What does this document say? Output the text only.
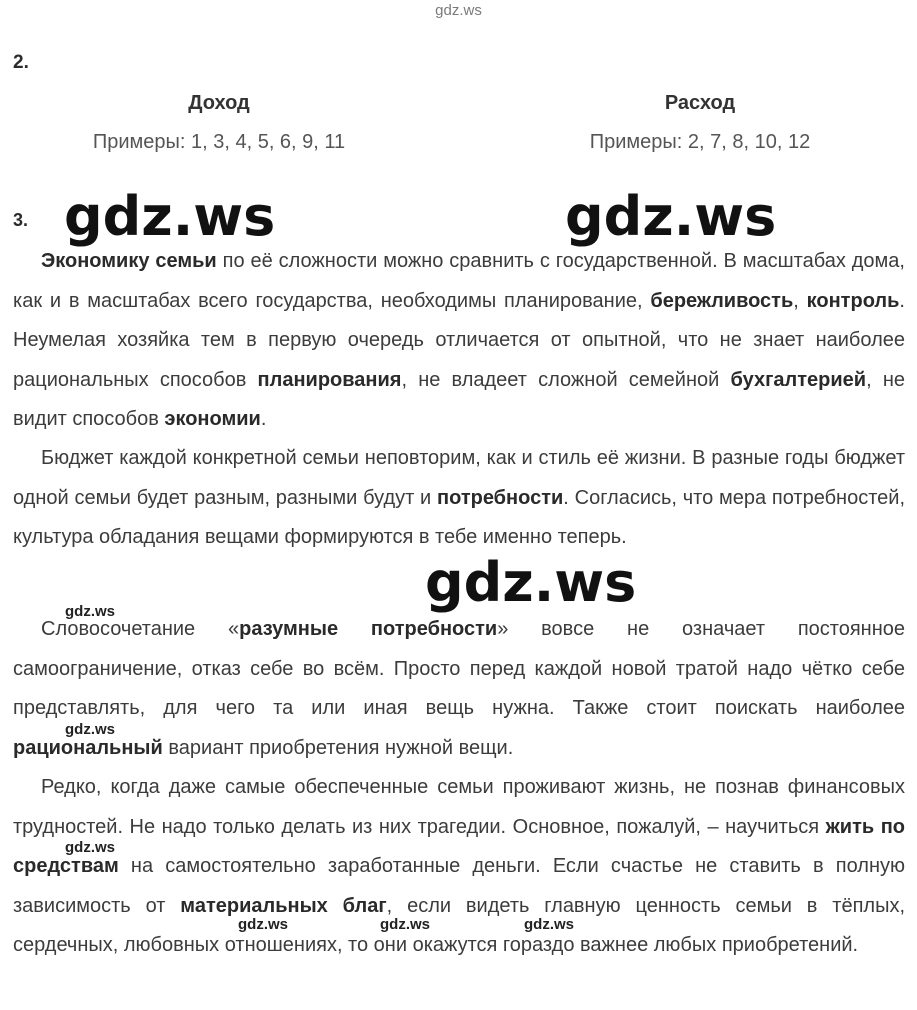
gdz.ws
2.
Доход
Примеры: 1, 3, 4, 5, 6, 9, 11
Расход
Примеры: 2, 7, 8, 10, 12
3. gdz.ws	gdz.ws
Экономику семьи по её сложности можно сравнить с государственной. В масштабах дома, как и в масштабах всего государства, необходимы планирование, бережливость, контроль. Неумелая хозяйка тем в первую очередь отличается от опытной, что не знает наиболее рациональных способов планирования, не владеет сложной семейной бухгалтерией, не видит способов экономии.
Бюджет каждой конкретной семьи неповторим, как и стиль её жизни. В разные годы бюджет одной семьи будет разным, разными будут и потребности. Согласись, что мера потребностей, культура обладания вещами формируются в тебе именно теперь.
gdz.ws
gdz.ws
Словосочетание «разумные потребности» вовсе не означает постоянное самоограничение, отказ себе во всём. Просто перед каждой новой тратой надо чётко себе представлять, для чего та или иная вещь нужна. Также стоит поискать наиболее рациональный вариант приобретения нужной вещи.
gdz.ws
Редко, когда даже самые обеспеченные семьи проживают жизнь, не познав финансовых трудностей. Не надо только делать из них трагедии. Основное, пожалуй, – научиться жить по средствам на самостоятельно заработанные деньги. Если счастье не ставить в полную зависимость от материальных благ, если видеть главную ценность семьи в тёплых, сердечных, любовных отношениях, то они окажутся гораздо важнее любых приобретений.
gdz.ws
gdz.ws	gdz.ws	gdz.ws
